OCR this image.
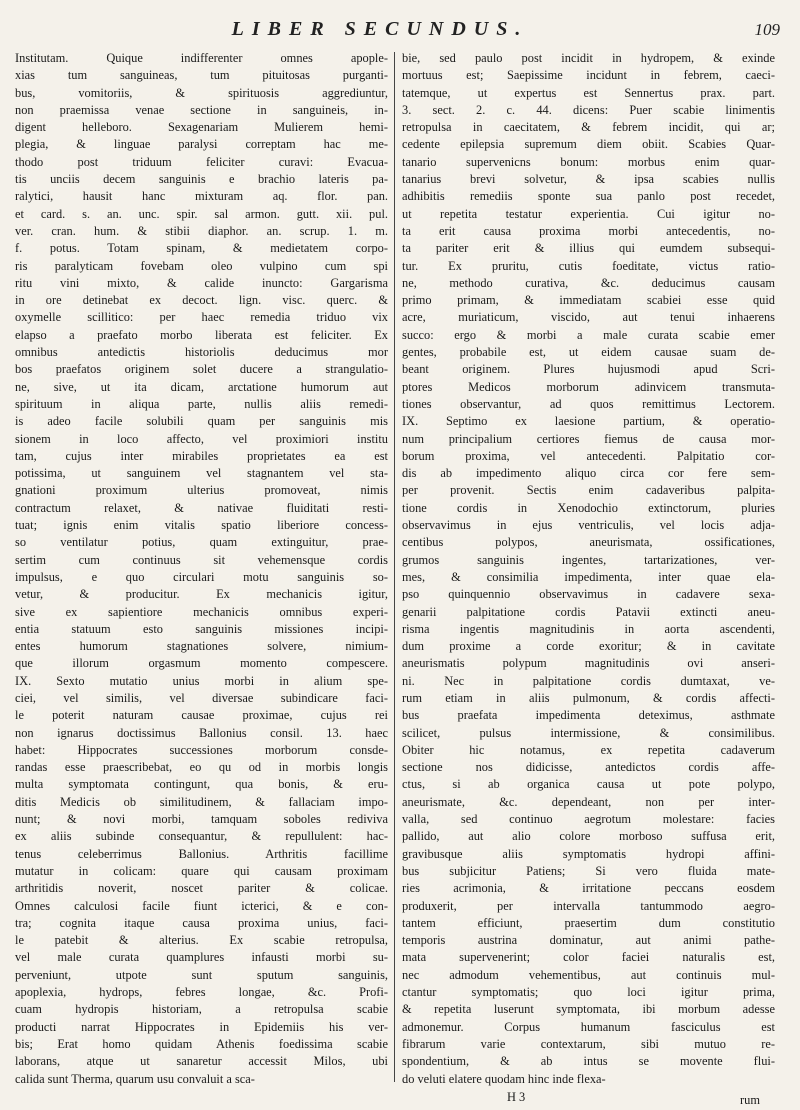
LIBER SECUNDUS.	109
Institutam. Quique indifferenter omnes apople-
xias tum sanguineas, tum pituitosas purganti-
bus, vomitoriis, & spirituosis aggrediuntur,
non praemissa venae sectione in sanguineis, in-
digent helleboro. Sexagenariam Mulierem hemi-
plegia, & linguae paralysi correptam hac me-
thodo post triduum feliciter curavi: Evacua-
tis unciis decem sanguinis e brachio lateris pa-
ralytici, hausit hanc mixturam aq. flor. pan.
et card. s. an. unc. spir. sal armon. gutt. xii. pul.
ver. cran. hum. & stibii diaphor. an. scrup. 1. m.
f. potus. Totam spinam, & medietatem corpo-
ris paralyticam fovebam oleo vulpino cum spi
ritu vini mixto, & calide inuncto: Gargarisma
in ore detinebat ex decoct. lign. visc. querc. &
oxymelle scillitico: per haec remedia triduo vix
elapso a praefato morbo liberata est feliciter. Ex
omnibus antedictis historiolis deducimus mor
bos praefatos originem solet ducere a strangulatio-
ne, sive, ut ita dicam, arctatione humorum aut
spirituum in aliqua parte, nullis aliis remedi-
is adeo facile solubili quam per sanguinis mis
sionem in loco affecto, vel proximiori institu
tam, cujus inter mirabiles proprietates ea est
potissima, ut sanguinem vel stagnantem vel sta-
gnationi proximum ulterius promoveat, nimis
contractum relaxet, & nativae fluiditati resti-
tuat; ignis enim vitalis spatio liberiore concess-
so ventilatur potius, quam extinguitur, prae-
sertim cum continuus sit vehemensque cordis
impulsus, e quo circulari motu sanguinis so-
vetur, & producitur. Ex mechanicis igitur,
sive ex sapientiore mechanicis omnibus experi-
entia statuum esto sanguinis missiones incipi-
entes humorum stagnationes solvere, nimium-
que illorum orgasmum momento compescere.
IX. Sexto mutatio unius morbi in alium spe-
ciei, vel similis, vel diversae subindicare faci-
le poterit naturam causae proximae, cujus rei
non ignarus doctissimus Ballonius consil. 13. haec
habet: Hippocrates successiones morborum consde-
randas esse praescribebat, eo qu od in morbis longis
multa symptomata contingunt, qua bonis, & eru-
ditis Medicis ob similitudinem, & fallaciam impo-
nunt; & novi morbi, tamquam soboles rediviva
ex aliis subinde consequantur, & repullulent: hac-
tenus celeberrimus Ballonius. Arthritis facillime
mutatur in colicam: quare qui causam proximam
arthritidis noverit, noscet pariter & colicae.
Omnes calculosi facile fiunt icterici, & e con-
tra; cognita itaque causa proxima unius, faci-
le patebit & alterius. Ex scabie retropulsa,
vel male curata quamplures infausti morbi su-
perveniunt, utpote sunt sputum sanguinis,
apoplexia, hydrops, febres longae, &c. Profi-
cuam hydropis historiam, a retropulsa scabie
producti narrat Hippocrates in Epidemiis his ver-
bis; Erat homo quidam Athenis foedissima scabie
laborans, atque ut sanaretur accessit Milos, ubi
calida sunt Therma, quarum usu convaluit a sca-
bie, sed paulo post incidit in hydropem, & exinde
mortuus est; Saepissime incidunt in febrem, caeci-
tatemque, ut expertus est Sennertus prax. part.
3. sect. 2. c. 44. dicens: Puer scabie linimentis
retropulsa in caecitatem, & febrem incidit, qui ar;
cedente epilepsia supremum diem obiit. Scabies Quar-
tanario supervenicns bonum: morbus enim quar-
tanarius brevi solvetur, & ipsa scabies nullis
adhibitis remediis sponte sua panlo post recedet,
ut repetita testatur experientia. Cui igitur no-
ta erit causa proxima morbi antecedentis, no-
ta pariter erit & illius qui eumdem subsequi-
tur. Ex pruritu, cutis foeditate, victus ratio-
ne, methodo curativa, &c. deducimus causam
primo primam, & immediatam scabiei esse quid
acre, muriaticum, viscido, aut tenui inhaerens
succo: ergo & morbi a male curata scabie emer
gentes, probabile est, ut eidem causae suam de-
beant originem. Plures hujusmodi apud Scri-
ptores Medicos morborum adinvicem transmuta-
tiones observantur, ad quos remittimus Lectorem.
IX. Septimo ex laesione partium, & operatio-
num principalium certiores fiemus de causa mor-
borum proxima, vel antecedenti. Palpitatio cor-
dis ab impedimento aliquo circa cor fere sem-
per provenit. Sectis enim cadaveribus palpita-
tione cordis in Xenodochio extinctorum, pluries
observavimus in ejus ventriculis, vel locis adja-
centibus polypos, aneurismata, ossificationes,
grumos sanguinis ingentes, tartarizationes, ver-
mes, & consimilia impedimenta, inter quae ela-
pso quinquennio observavimus in cadavere sexa-
genarii palpitatione cordis Patavii extincti aneu-
risma ingentis magnitudinis in aorta ascendenti,
dum proxime a corde exoritur; & in cavitate
aneurismatis polypum magnitudinis ovi anseri-
ni. Nec in palpitatione cordis dumtaxat, ve-
rum etiam in aliis pulmonum, & cordis affecti-
bus praefata impedimenta deteximus, asthmate
scilicet, pulsus intermissione, & consimilibus.
Obiter hic notamus, ex repetita cadaverum
sectione nos didicisse, antedictos cordis affe-
ctus, si ab organica causa ut pote polypo,
aneurismate, &c. dependeant, non per inter-
valla, sed continuo aegrotum molestare: facies
pallido, aut alio colore morboso suffusa erit,
gravibusque aliis symptomatis hydropi affini-
bus subjicitur Patiens; Si vero fluida mate-
ries acrimonia, & irritatione peccans eosdem
produxerit, per intervalla tantummodo aegro-
tantem efficiunt, praesertim dum constitutio
temporis austrina dominatur, aut animi pathe-
mata supervenerint; color faciei naturalis est,
nec admodum vehementibus, aut continuis mul-
ctantur symptomatis; quo loci igitur prima,
& repetita luserunt symptomata, ibi morbum adesse
admonemur. Corpus humanum fasciculus est
fibrarum varie contextarum, sibi mutuo re-
spondentium, & ab intus se movente flui-
do veluti elatere quodam hinc inde flexa-
H 3	rum
